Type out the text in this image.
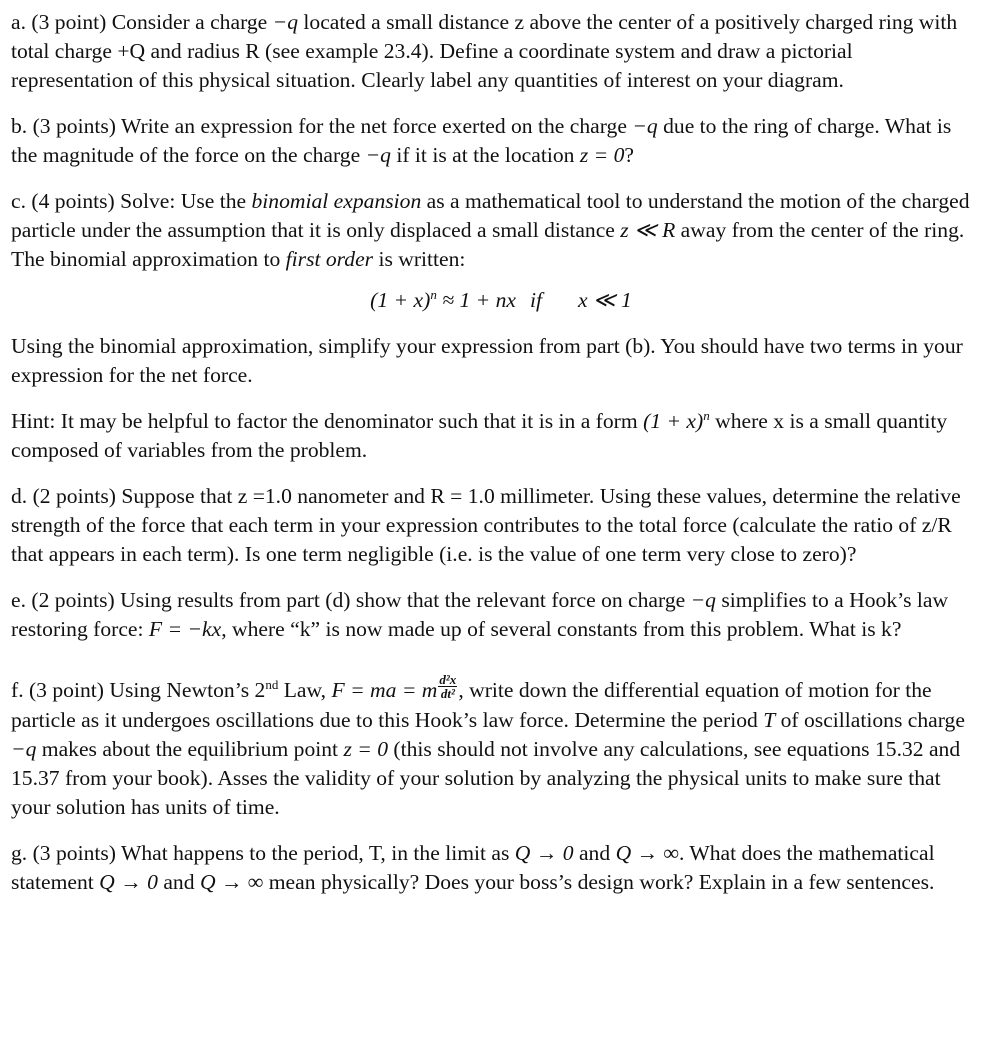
a. (3 point) Consider a charge −q located a small distance z above the center of a positively charged ring with total charge +Q and radius R (see example 23.4). Define a coordinate system and draw a pictorial representation of this physical situation. Clearly label any quantities of interest on your diagram.

b. (3 points) Write an expression for the net force exerted on the charge −q due to the ring of charge. What is the magnitude of the force on the charge −q if it is at the location z = 0?

c. (4 points) Solve: Use the binomial expansion as a mathematical tool to understand the motion of the charged particle under the assumption that it is only displaced a small distance z ≪ R away from the center of the ring. The binomial approximation to first order is written:

$(1 + x)^n \approx 1$ + nx if x ≪ 1

Using the binomial approximation, simplify your expression from part (b). You should have two terms in your expression for the net force.

Hint: It may be helpful to factor the denominator such that it is in a form $(1 + x)^n$ where x is a small quantity composed of variables from the problem.

d. (2 points) Suppose that z =1.0 nanometer and R = 1.0 millimeter. Using these values, determine the relative strength of the force that each term in your expression contributes to the total force (calculate the ratio of z/R that appears in each term). Is one term negligible (i.e. is the value of one term very close to zero)?

e. (2 points) Using results from part (d) show that the relevant force on charge −q simplifies to a Hook’s law restoring force: F = −kx, where “k” is now made up of several constants from this problem. What is k?

f. (3 point) Using Newton’s 2nd Law, F = ma = m $\frac{\text{d²x}}{\text{dt²}}$ , write down the differential equation of motion for the particle as it undergoes oscillations due to this Hook’s law force. Determine the period T of oscillations charge −q makes about the equilibrium point z = 0 (this should not involve any calculations, see equations 15.32 and 15.37 from your book). Asses the validity of your solution by analyzing the physical units to make sure that your solution has units of time.

g. (3 points) What happens to the period, T, in the limit as Q → 0 and Q → ∞. What does the mathematical statement Q → 0 and Q → ∞ mean physically? Does your boss’s design work? Explain in a few sentences.
